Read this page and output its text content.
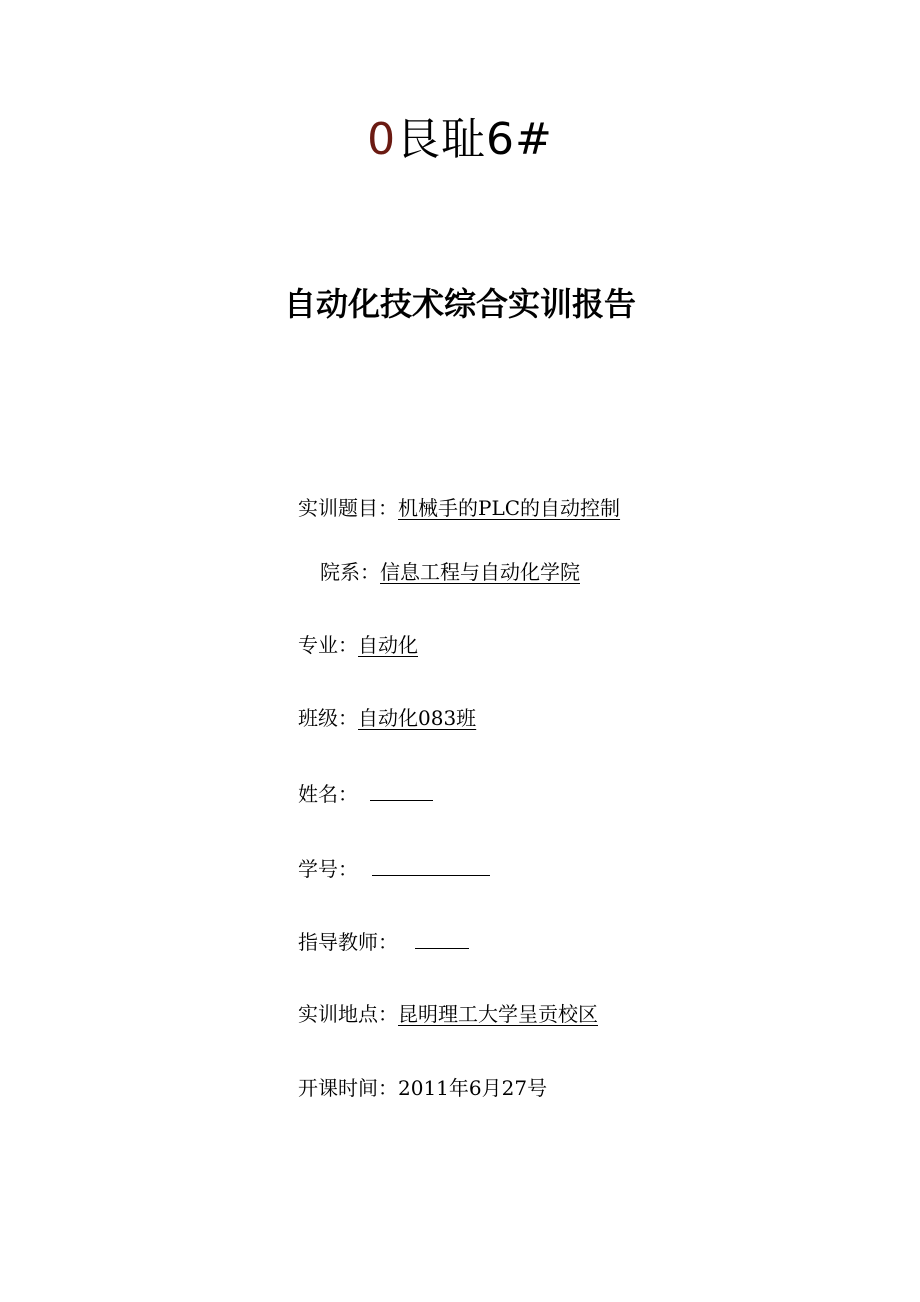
0艮耻6#
自动化技术综合实训报告
实训题目：机械手的PLC的自动控制
院系：信息工程与自动化学院
专业：自动化
班级：自动化083班
姓名：
学号：
指导教师：
实训地点：昆明理工大学呈贡校区
开课时间：2011年6月27号
